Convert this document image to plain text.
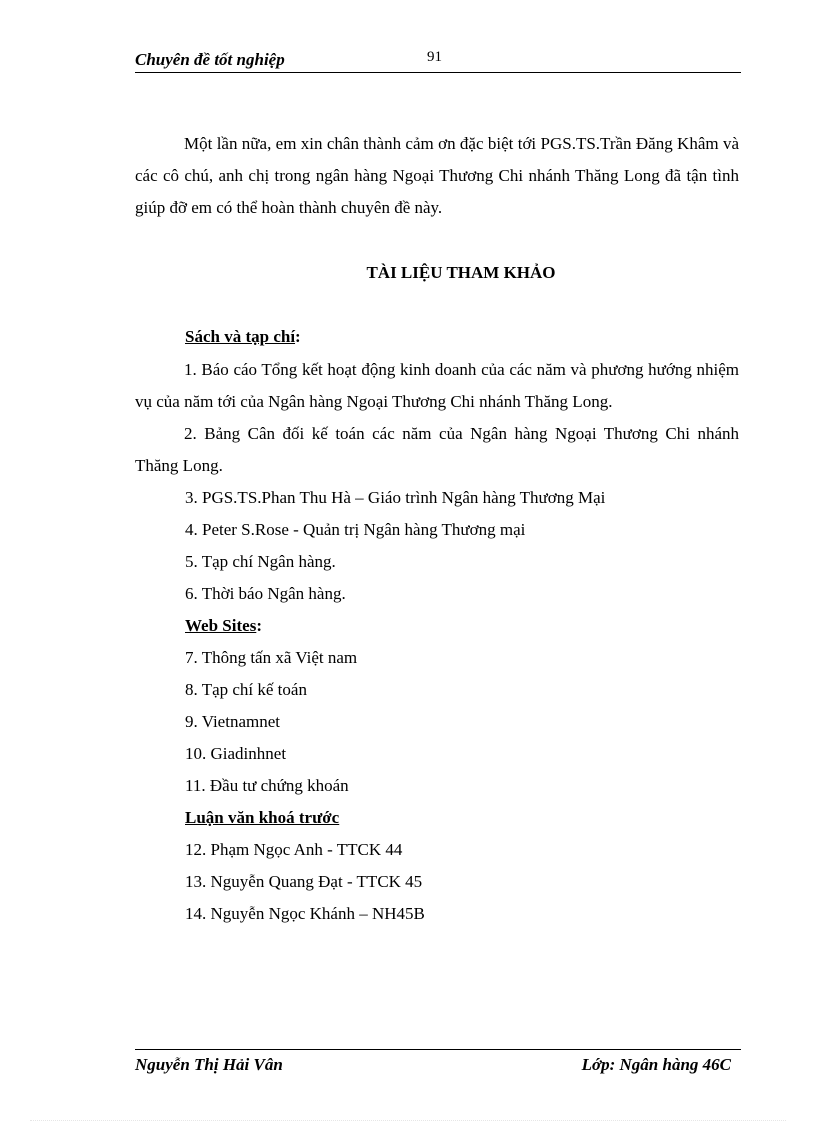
Chuyên đề tốt nghiệp	91

Một lần nữa, em xin chân thành cảm ơn đặc biệt tới PGS.TS.Trần Đăng Khâm và các cô chú, anh chị trong ngân hàng Ngoại Thương Chi nhánh Thăng Long đã tận tình giúp đỡ em có thể hoàn thành chuyên đề này.

TÀI LIỆU THAM KHẢO
Sách và tạp chí:

1. Báo cáo Tổng kết hoạt động kinh doanh của các năm và phương hướng nhiệm vụ của năm tới của Ngân hàng Ngoại Thương Chi nhánh Thăng Long.

2. Bảng Cân đối kế toán các năm của Ngân hàng Ngoại Thương Chi nhánh Thăng Long.

3. PGS.TS.Phan Thu Hà – Giáo trình Ngân hàng Thương Mại
4. Peter S.Rose - Quản trị Ngân hàng Thương mại
5. Tạp chí Ngân hàng.
6. Thời báo Ngân hàng.
Web Sites:
7. Thông tấn xã Việt nam
8. Tạp chí kế toán
9. Vietnamnet
10. Giadinhnet
11. Đầu tư chứng khoán
Luận văn khoá trước
12. Phạm Ngọc Anh - TTCK 44
13. Nguyễn Quang Đạt - TTCK 45
14. Nguyễn Ngọc Khánh – NH45B
Nguyễn Thị Hải Vân	Lớp: Ngân hàng 46C
